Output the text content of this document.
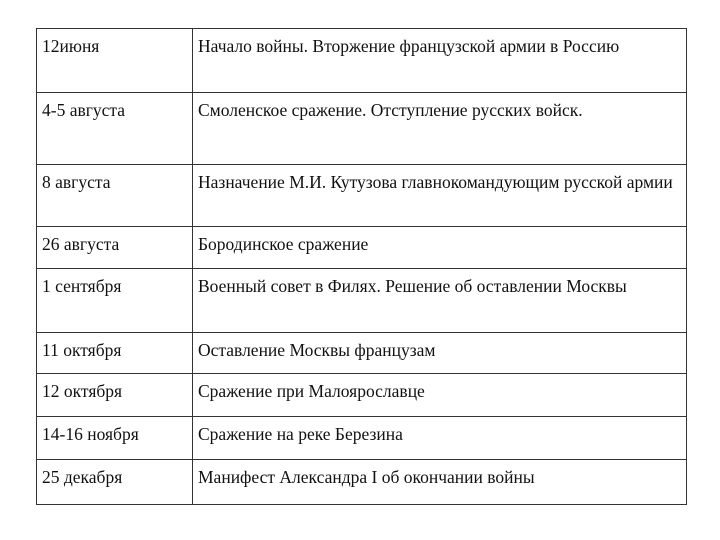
12июня	Начало войны. Вторжение французской армии в Россию
4-5 августа	Смоленское сражение. Отступление русских войск.
8 августа	Назначение М.И. Кутузова главнокомандующим русской армии
26 августа	Бородинское сражение
1 сентября	Военный совет в Филях. Решение об оставлении Москвы
11 октября	Оставление Москвы французам
12 октября	Сражение при Малоярославце
14-16 ноября	Сражение на реке Березина
25 декабря	Манифест Александра I об окончании войны
